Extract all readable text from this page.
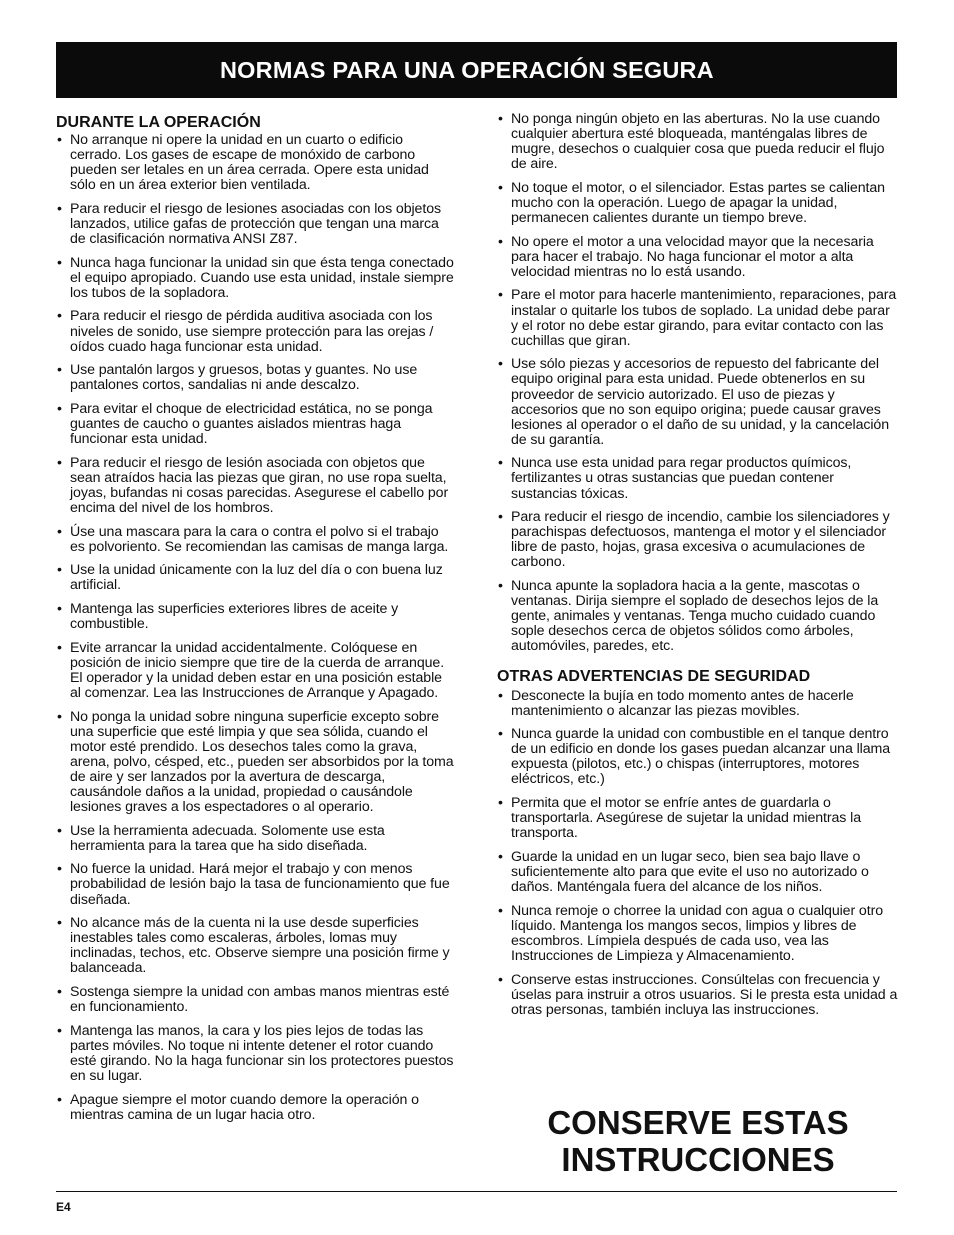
NORMAS PARA UNA OPERACIÓN SEGURA
DURANTE LA OPERACIÓN
• No arranque ni opere la unidad en un cuarto o edificio cerrado. Los gases de escape de monóxido de carbono pueden ser letales en un área cerrada. Opere esta unidad sólo en un área exterior bien ventilada.
• Para reducir el riesgo de lesiones asociadas con los objetos lanzados, utilice gafas de protección que tengan una marca de clasificación normativa ANSI Z87.
• Nunca haga funcionar la unidad sin que ésta tenga conectado el equipo apropiado. Cuando use esta unidad, instale siempre los tubos de la sopladora.
• Para reducir el riesgo de pérdida auditiva asociada con los niveles de sonido, use siempre protección para las orejas / oídos cuado haga funcionar esta unidad.
• Use pantalón largos y gruesos, botas y guantes. No use pantalones cortos, sandalias ni ande descalzo.
• Para evitar el choque de electricidad estática, no se ponga guantes de caucho o guantes aislados mientras haga funcionar esta unidad.
• Para reducir el riesgo de lesión asociada con objetos que sean atraídos hacia las piezas que giran, no use ropa suelta, joyas, bufandas ni cosas parecidas. Asegurese el cabello por encima del nivel de los hombros.
• Úse una mascara para la cara o contra el polvo si el trabajo es polvoriento. Se recomiendan las camisas de manga larga.
• Use la unidad únicamente con la luz del día o con buena luz artificial.
• Mantenga las superficies exteriores libres de aceite y combustible.
• Evite arrancar la unidad accidentalmente. Colóquese en posición de inicio siempre que tire de la cuerda de arranque. El operador y la unidad deben estar en una posición estable al comenzar. Lea las Instrucciones de Arranque y Apagado.
• No ponga la unidad sobre ninguna superficie excepto sobre una superficie que esté limpia y que sea sólida, cuando el motor esté prendido. Los desechos tales como la grava, arena, polvo, césped, etc., pueden ser absorbidos por la toma de aire y ser lanzados por la avertura de descarga, causándole daños a la unidad, propiedad o causándole lesiones graves a los espectadores o al operario.
• Use la herramienta adecuada. Solomente use esta herramienta para la tarea que ha sido diseñada.
• No fuerce la unidad. Hará mejor el trabajo y con menos probabilidad de lesión bajo la tasa de funcionamiento que fue diseñada.
• No alcance más de la cuenta ni la use desde superficies inestables tales como escaleras, árboles, lomas muy inclinadas, techos, etc. Observe siempre una posición firme y balanceada.
• Sostenga siempre la unidad con ambas manos mientras esté en funcionamiento.
• Mantenga las manos, la cara y los pies lejos de todas las partes móviles. No toque ni intente detener el rotor cuando esté girando. No la haga funcionar sin los protectores puestos en su lugar.
• Apague siempre el motor cuando demore la operación o mientras camina de un lugar hacia otro.
• No ponga ningún objeto en las aberturas. No la use cuando cualquier abertura esté bloqueada, manténgalas libres de mugre, desechos o cualquier cosa que pueda reducir el flujo de aire.
• No toque el motor, o el silenciador. Estas partes se calientan mucho con la operación. Luego de apagar la unidad, permanecen calientes durante un tiempo breve.
• No opere el motor a una velocidad mayor que la necesaria para hacer el trabajo. No haga funcionar el motor a alta velocidad mientras no lo está usando.
• Pare el motor para hacerle mantenimiento, reparaciones, para instalar o quitarle los tubos de soplado. La unidad debe parar y el rotor no debe estar girando, para evitar contacto con las cuchillas que giran.
• Use sólo piezas y accesorios de repuesto del fabricante del equipo original para esta unidad. Puede obtenerlos en su proveedor de servicio autorizado. El uso de piezas y accesorios que no son equipo origina; puede causar graves lesiones al operador o el daño de su unidad, y la cancelación de su garantía.
• Nunca use esta unidad para regar productos químicos, fertilizantes u otras sustancias que puedan contener sustancias tóxicas.
• Para reducir el riesgo de incendio, cambie los silenciadores y parachispas defectuosos, mantenga el motor y el silenciador libre de pasto, hojas, grasa excesiva o acumulaciones de carbono.
• Nunca apunte la sopladora hacia a la gente, mascotas o ventanas. Dirija siempre el soplado de desechos lejos de la gente, animales y ventanas. Tenga mucho cuidado cuando sople desechos cerca de objetos sólidos como árboles, automóviles, paredes, etc.
OTRAS ADVERTENCIAS DE SEGURIDAD
• Desconecte la bujía en todo momento antes de hacerle mantenimiento o alcanzar las piezas movibles.
• Nunca guarde la unidad con combustible en el tanque dentro de un edificio en donde los gases puedan alcanzar una llama expuesta (pilotos, etc.) o chispas (interruptores, motores eléctricos, etc.)
• Permita que el motor se enfríe antes de guardarla o transportarla. Asegúrese de sujetar la unidad mientras la transporta.
• Guarde la unidad en un lugar seco, bien sea bajo llave o suficientemente alto para que evite el uso no autorizado o daños. Manténgala fuera del alcance de los niños.
• Nunca remoje o chorree la unidad con agua o cualquier otro líquido. Mantenga los mangos secos, limpios y libres de escombros. Límpiela después de cada uso, vea las Instrucciones de Limpieza y Almacenamiento.
• Conserve estas instrucciones. Consúltelas con frecuencia y úselas para instruir a otros usuarios. Si le presta esta unidad a otras personas, también incluya las instrucciones.
CONSERVE ESTAS
INSTRUCCIONES
E4
